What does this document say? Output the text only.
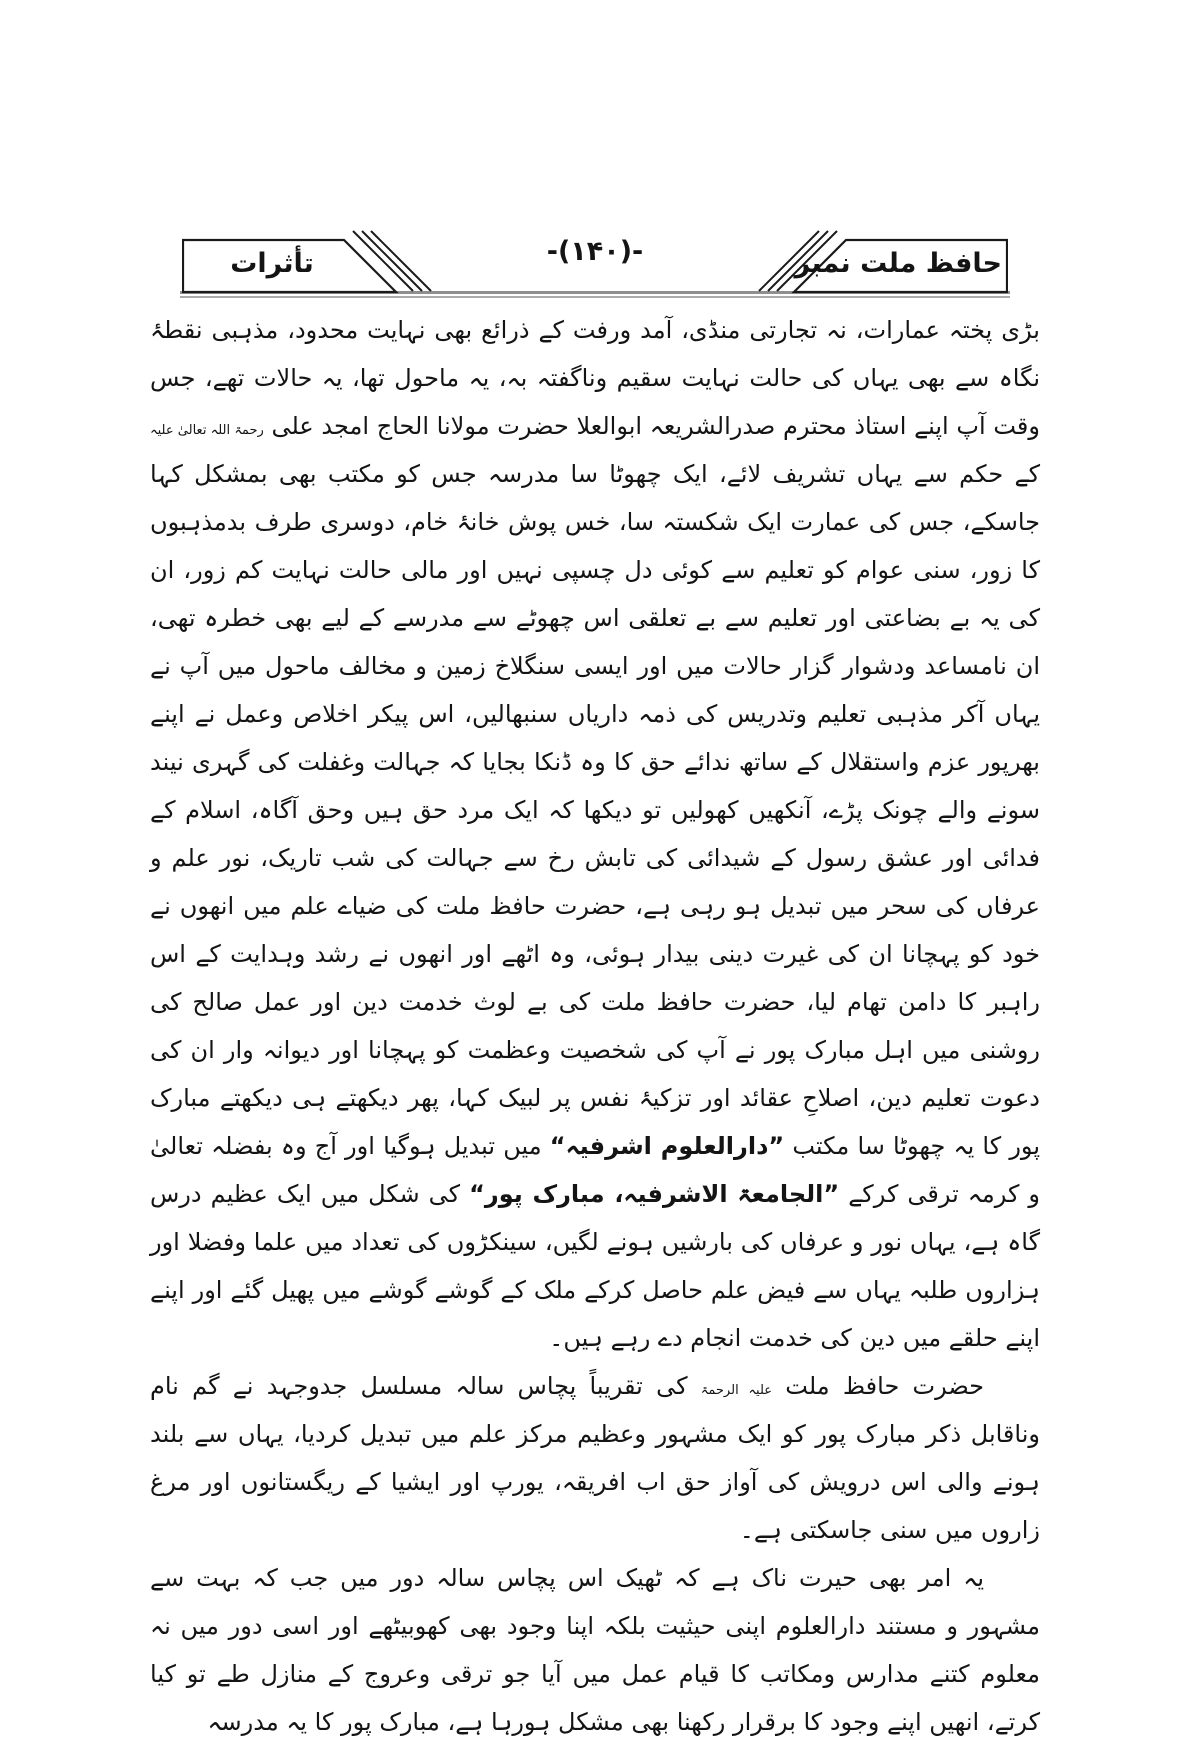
تأثرات	حافظ ملت نمبر
-(۱۴۰)-

بڑی پختہ عمارات، نہ تجارتی منڈی، آمد ورفت کے ذرائع بھی نہایت محدود، مذہبی نقطۂ نگاہ سے بھی یہاں کی حالت نہایت سقیم وناگفتہ بہ، یہ ماحول تھا، یہ حالات تھے، جس وقت آپ اپنے استاذ محترم صدرالشریعہ ابوالعلا حضرت مولانا الحاج امجد علی رحمۃ اللہ تعالیٰ علیہ کے حکم سے یہاں تشریف لائے، ایک چھوٹا سا مدرسہ جس کو مکتب بھی بمشکل کہا جاسکے، جس کی عمارت ایک شکستہ سا، خس پوش خانۂ خام، دوسری طرف بدمذہبوں کا زور، سنی عوام کو تعلیم سے کوئی دل چسپی نہیں اور مالی حالت نہایت کم زور، ان کی یہ بے بضاعتی اور تعلیم سے بے تعلقی اس چھوٹے سے مدرسے کے لیے بھی خطرہ تھی، ان نامساعد ودشوار گزار حالات میں اور ایسی سنگلاخ زمین و مخالف ماحول میں آپ نے یہاں آکر مذہبی تعلیم وتدریس کی ذمہ داریاں سنبھالیں، اس پیکر اخلاص وعمل نے اپنے بھرپور عزم واستقلال کے ساتھ ندائے حق کا وہ ڈنکا بجایا کہ جہالت وغفلت کی گہری نیند سونے والے چونک پڑے، آنکھیں کھولیں تو دیکھا کہ ایک مرد حق ہیں وحق آگاہ، اسلام کے فدائی اور عشق رسول کے شیدائی کی تابش رخ سے جہالت کی شب تاریک، نور علم و عرفاں کی سحر میں تبدیل ہو رہی ہے، حضرت حافظ ملت کی ضیاے علم میں انھوں نے خود کو پہچانا ان کی غیرت دینی بیدار ہوئی، وہ اٹھے اور انھوں نے رشد وہدایت کے اس راہبر کا دامن تھام لیا، حضرت حافظ ملت کی بے لوث خدمت دین اور عمل صالح کی روشنی میں اہل مبارک پور نے آپ کی شخصیت وعظمت کو پہچانا اور دیوانہ وار ان کی دعوت تعلیم دین، اصلاحِ عقائد اور تزکیۂ نفس پر لبیک کہا، پھر دیکھتے ہی دیکھتے مبارک پور کا یہ چھوٹا سا مکتب ”دارالعلوم اشرفیہ“ میں تبدیل ہوگیا اور آج وہ بفضلہ تعالیٰ و کرمہ ترقی کرکے ”الجامعۃ الاشرفیہ، مبارک پور“ کی شکل میں ایک عظیم درس گاہ ہے، یہاں نور و عرفاں کی بارشیں ہونے لگیں، سینکڑوں کی تعداد میں علما وفضلا اور ہزاروں طلبہ یہاں سے فیض علم حاصل کرکے ملک کے گوشے گوشے میں پھیل گئے اور اپنے اپنے حلقے میں دین کی خدمت انجام دے رہے ہیں۔

حضرت حافظ ملت علیہ الرحمۃ کی تقریباً پچاس سالہ مسلسل جدوجہد نے گم نام وناقابل ذکر مبارک پور کو ایک مشہور وعظیم مرکز علم میں تبدیل کردیا، یہاں سے بلند ہونے والی اس درویش کی آواز حق اب افریقہ، یورپ اور ایشیا کے ریگستانوں اور مرغ زاروں میں سنی جاسکتی ہے۔

یہ امر بھی حیرت ناک ہے کہ ٹھیک اس پچاس سالہ دور میں جب کہ بہت سے مشہور و مستند دارالعلوم اپنی حیثیت بلکہ اپنا وجود بھی کھوبیٹھے اور اسی دور میں نہ معلوم کتنے مدارس ومکاتب کا قیام عمل میں آیا جو ترقی وعروج کے منازل طے تو کیا کرتے، انھیں اپنے وجود کا برقرار رکھنا بھی مشکل ہورہا ہے، مبارک پور کا یہ مدرسہ
